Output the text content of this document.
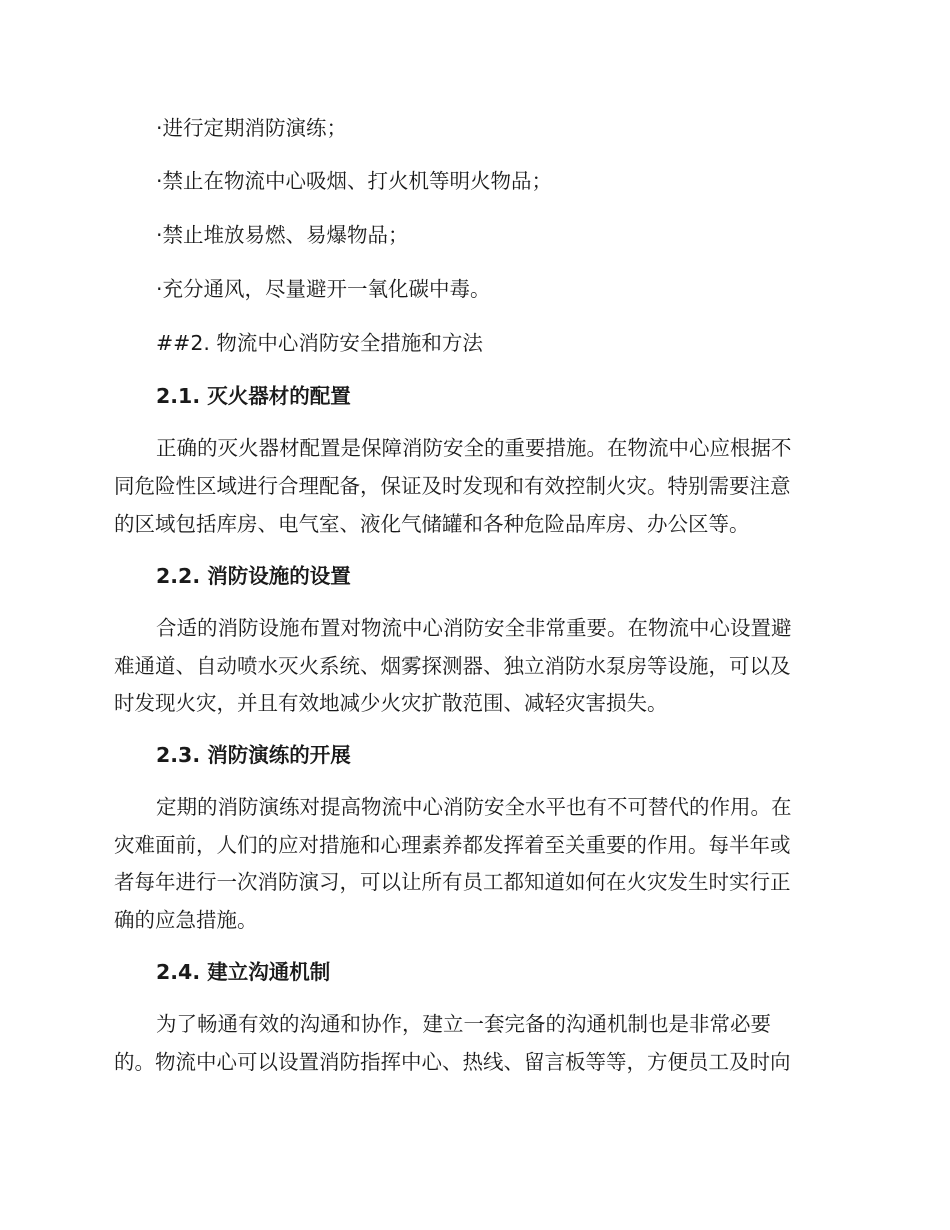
·进行定期消防演练；
·禁止在物流中心吸烟、打火机等明火物品；
·禁止堆放易燃、易爆物品；
·充分通风，尽量避开一氧化碳中毒。
##2. 物流中心消防安全措施和方法
2.1. 灭火器材的配置
正确的灭火器材配置是保障消防安全的重要措施。在物流中心应根据不
同危险性区域进行合理配备，保证及时发现和有效控制火灾。特别需要注意
的区域包括库房、电气室、液化气储罐和各种危险品库房、办公区等。
2.2. 消防设施的设置
合适的消防设施布置对物流中心消防安全非常重要。在物流中心设置避
难通道、自动喷水灭火系统、烟雾探测器、独立消防水泵房等设施，可以及
时发现火灾，并且有效地减少火灾扩散范围、减轻灾害损失。
2.3. 消防演练的开展
定期的消防演练对提高物流中心消防安全水平也有不可替代的作用。在
灾难面前，人们的应对措施和心理素养都发挥着至关重要的作用。每半年或
者每年进行一次消防演习，可以让所有员工都知道如何在火灾发生时实行正
确的应急措施。
2.4. 建立沟通机制
为了畅通有效的沟通和协作，建立一套完备的沟通机制也是非常必要
的。物流中心可以设置消防指挥中心、热线、留言板等等，方便员工及时向
